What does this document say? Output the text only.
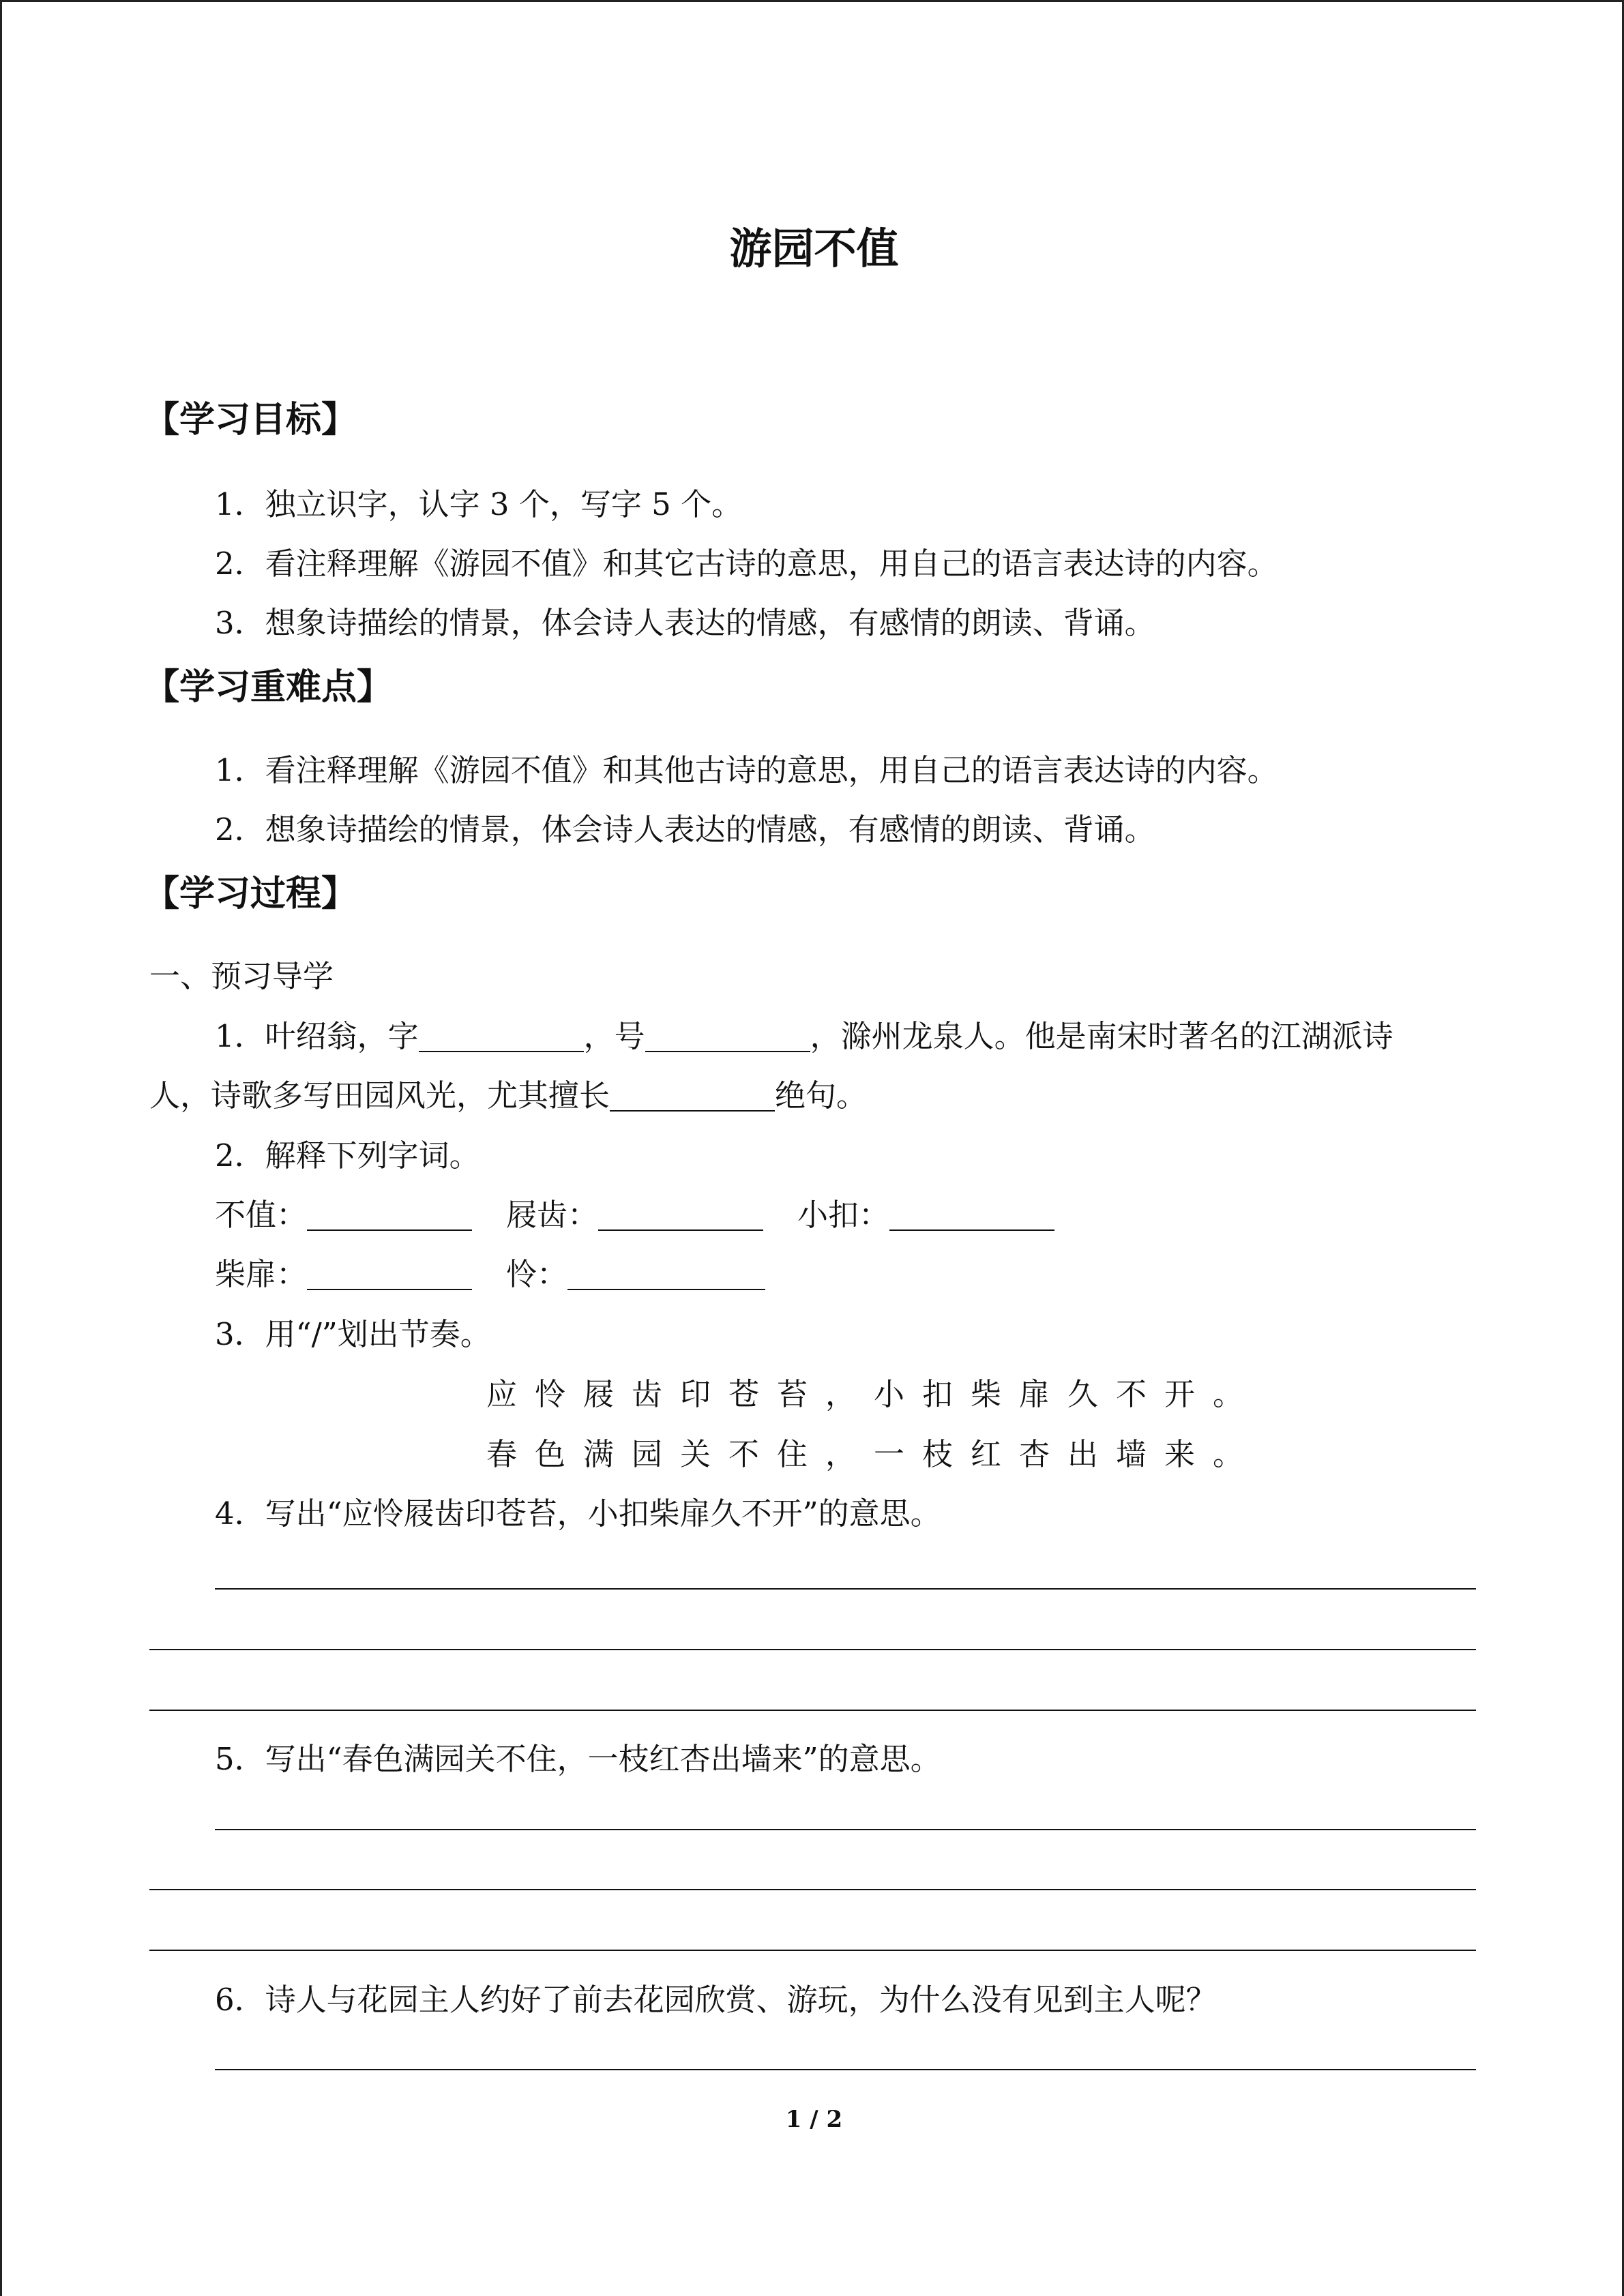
游园不值
【学习目标】
1．独立识字，认字 3 个，写字 5 个。
2．看注释理解《游园不值》和其它古诗的意思，用自己的语言表达诗的内容。
3．想象诗描绘的情景，体会诗人表达的情感，有感情的朗读、背诵。
【学习重难点】
1．看注释理解《游园不值》和其他古诗的意思，用自己的语言表达诗的内容。
2．想象诗描绘的情景，体会诗人表达的情感，有感情的朗读、背诵。
【学习过程】
一、预习导学
1．叶绍翁，字	，号	，滁州龙泉人。他是南宋时著名的江湖派诗
人，诗歌多写田园风光，尤其擅长	绝句。
2．解释下列字词。
不值：	屐齿：	小扣：
柴扉：	怜：
3．用“/”划出节奏。
应怜屐齿印苍苔，小扣柴扉久不开。
春色满园关不住，一枝红杏出墙来。
4．写出“应怜屐齿印苍苔，小扣柴扉久不开”的意思。
5．写出“春色满园关不住，一枝红杏出墙来”的意思。
6．诗人与花园主人约好了前去花园欣赏、游玩，为什么没有见到主人呢？
1 / 2
